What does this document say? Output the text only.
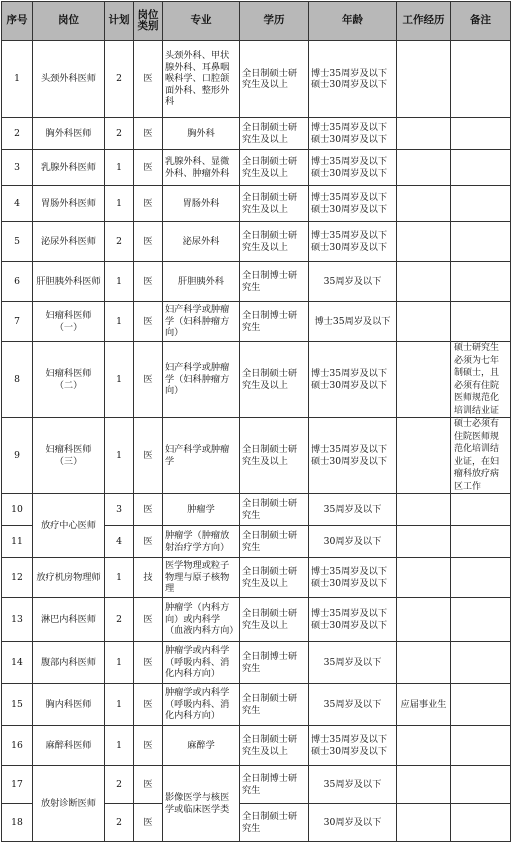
序号	岗位	计划	岗位类别	专业	学历	年龄	工作经历	备注
1	头颈外科医师	2	医	头颈外科、甲状腺外科、耳鼻咽喉科学、口腔颌面外科、整形外科	全日制硕士研究生及以上	博士35周岁及以下 硕士30周岁及以下		
2	胸外科医师	2	医	胸外科	全日制硕士研究生及以上	博士35周岁及以下 硕士30周岁及以下		
3	乳腺外科医师	1	医	乳腺外科、显微外科、肿瘤外科	全日制硕士研究生及以上	博士35周岁及以下 硕士30周岁及以下		
4	胃肠外科医师	1	医	胃肠外科	全日制硕士研究生及以上	博士35周岁及以下 硕士30周岁及以下		
5	泌尿外科医师	2	医	泌尿外科	全日制硕士研究生及以上	博士35周岁及以下 硕士30周岁及以下		
6	肝胆胰外科医师	1	医	肝胆胰外科	全日制博士研究生	35周岁及以下		
7	妇瘤科医师（一）	1	医	妇产科学或肿瘤学（妇科肿瘤方向）	全日制博士研究生	博士35周岁及以下		
8	妇瘤科医师（二）	1	医	妇产科学或肿瘤学（妇科肿瘤方向）	全日制硕士研究生及以上	博士35周岁及以下 硕士30周岁及以下		硕士研究生必须为七年制硕士，且必须有住院医师规范化培训结业证
9	妇瘤科医师（三）	1	医	妇产科学或肿瘤学	全日制硕士研究生及以上	博士35周岁及以下 硕士30周岁及以下		硕士必须有住院医师规范化培训结业证，在妇瘤科放疗病区工作
10	放疗中心医师	3	医	肿瘤学	全日制硕士研究生	35周岁及以下		
11		4	医	肿瘤学（肿瘤放射治疗学方向）	全日制硕士研究生	30周岁及以下		
12	放疗机房物理师	1	技	医学物理或粒子物理与原子核物理	全日制硕士研究生及以上	博士35周岁及以下 硕士30周岁及以下		
13	淋巴内科医师	2	医	肿瘤学（内科方向）或内科学（血液内科方向）	全日制硕士研究生及以上	博士35周岁及以下 硕士30周岁及以下		
14	腹部内科医师	1	医	肿瘤学或内科学（呼吸内科、消化内科方向）	全日制博士研究生	35周岁及以下		
15	胸内科医师	1	医	肿瘤学或内科学（呼吸内科、消化内科方向）	全日制硕士研究生	35周岁及以下	应届事业生	
16	麻醉科医师	1	医	麻醉学	全日制硕士研究生及以上	博士35周岁及以下 硕士30周岁及以下		
17	放射诊断医师	2	医	影像医学与核医学或临床医学类	全日制博士研究生	35周岁及以下		
18		2	医		全日制硕士研究生	30周岁及以下		
